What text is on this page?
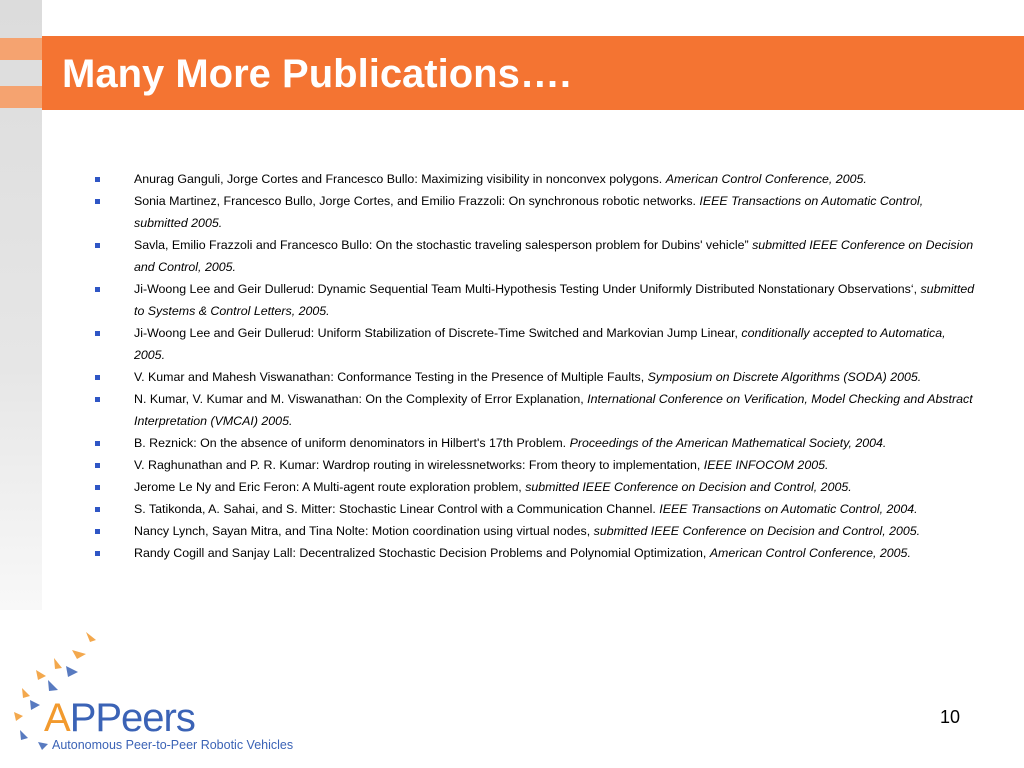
Many More Publications….
Anurag Ganguli, Jorge Cortes and Francesco Bullo: Maximizing visibility in nonconvex polygons. American Control Conference, 2005.
Sonia Martinez, Francesco Bullo, Jorge Cortes, and Emilio Frazzoli: On synchronous robotic networks. IEEE Transactions on Automatic Control, submitted 2005.
Savla, Emilio Frazzoli and Francesco Bullo: On the stochastic traveling salesperson problem for Dubins' vehicle” submitted IEEE Conference on Decision and Control, 2005.
Ji-Woong Lee and Geir Dullerud: Dynamic Sequential Team Multi-Hypothesis Testing Under Uniformly Distributed Nonstationary Observations‘, submitted to Systems & Control Letters, 2005.
Ji-Woong Lee and Geir Dullerud: Uniform Stabilization of Discrete-Time Switched and Markovian Jump Linear, conditionally accepted to Automatica, 2005.
V. Kumar and Mahesh Viswanathan: Conformance Testing in the Presence of Multiple Faults, Symposium on Discrete Algorithms (SODA) 2005.
N. Kumar, V. Kumar and M. Viswanathan: On the Complexity of Error Explanation, International Conference on Verification, Model Checking and Abstract Interpretation (VMCAI) 2005.
B. Reznick: On the absence of uniform denominators in Hilbert's 17th Problem. Proceedings of the American Mathematical Society, 2004.
V. Raghunathan and P. R. Kumar: Wardrop routing in wirelessnetworks: From theory to implementation, IEEE INFOCOM 2005.
Jerome Le Ny and Eric Feron: A Multi-agent route exploration problem, submitted IEEE Conference on Decision and Control, 2005.
S. Tatikonda, A. Sahai, and S. Mitter: Stochastic Linear Control with a Communication Channel. IEEE Transactions on Automatic Control, 2004.
Nancy Lynch, Sayan Mitra, and Tina Nolte: Motion coordination using virtual nodes, submitted IEEE Conference on Decision and Control, 2005.
Randy Cogill and Sanjay Lall: Decentralized Stochastic Decision Problems and Polynomial Optimization, American Control Conference, 2005.
10
APPeers
Autonomous Peer-to-Peer Robotic Vehicles
